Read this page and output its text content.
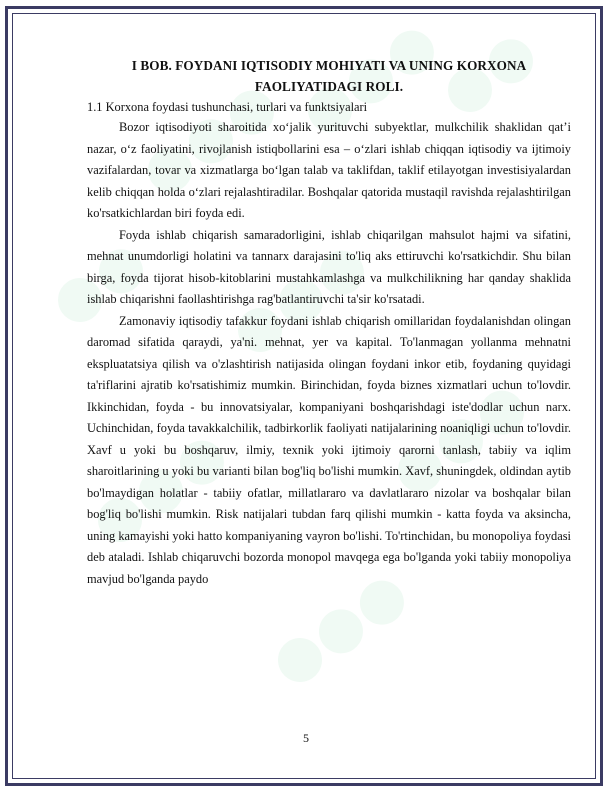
I BOB. FOYDANI IQTISODIY MOHIYATI VA UNING KORXONA FAOLIYATIDAGI ROLI.

1.1 Korxona foydasi tushunchasi, turlari va funktsiyalari

Bozor iqtisodiyoti sharoitida xo‘jalik yurituvchi subyektlar, mulkchilik shaklidan qat’i nazar, o‘z faoliyatini, rivojlanish istiqbollarini esa – o‘zlari ishlab chiqqan iqtisodiy va ijtimoiy vazifalardan, tovar va xizmatlarga bo‘lgan talab va taklifdan, taklif etilayotgan investisiyalardan kelib chiqqan holda o‘zlari rejalashtiradilar. Boshqalar qatorida mustaqil ravishda rejalashtirilgan ko'rsatkichlardan biri foyda edi.

Foyda ishlab chiqarish samaradorligini, ishlab chiqarilgan mahsulot hajmi va sifatini, mehnat unumdorligi holatini va tannarx darajasini to'liq aks ettiruvchi ko'rsatkichdir. Shu bilan birga, foyda tijorat hisob-kitoblarini mustahkamlashga va mulkchilikning har qanday shaklida ishlab chiqarishni faollashtirishga rag'batlantiruvchi ta'sir ko'rsatadi.

Zamonaviy iqtisodiy tafakkur foydani ishlab chiqarish omillaridan foydalanishdan olingan daromad sifatida qaraydi, ya'ni. mehnat, yer va kapital. To'lanmagan yollanma mehnatni ekspluatatsiya qilish va o'zlashtirish natijasida olingan foydani inkor etib, foydaning quyidagi ta'riflarini ajratib ko'rsatishimiz mumkin. Birinchidan, foyda biznes xizmatlari uchun to'lovdir. Ikkinchidan, foyda - bu innovatsiyalar, kompaniyani boshqarishdagi iste'dodlar uchun narx. Uchinchidan, foyda tavakkalchilik, tadbirkorlik faoliyati natijalarining noaniqligi uchun to'lovdir. Xavf u yoki bu boshqaruv, ilmiy, texnik yoki ijtimoiy qarorni tanlash, tabiiy va iqlim sharoitlarining u yoki bu varianti bilan bog'liq bo'lishi mumkin. Xavf, shuningdek, oldindan aytib bo'lmaydigan holatlar - tabiiy ofatlar, millatlararo va davlatlararo nizolar va boshqalar bilan bog'liq bo'lishi mumkin. Risk natijalari tubdan farq qilishi mumkin - katta foyda va aksincha, uning kamayishi yoki hatto kompaniyaning vayron bo'lishi. To'rtinchidan, bu monopoliya foydasi deb ataladi. Ishlab chiqaruvchi bozorda monopol mavqega ega bo'lganda yoki tabiiy monopoliya mavjud bo'lganda paydo

5
